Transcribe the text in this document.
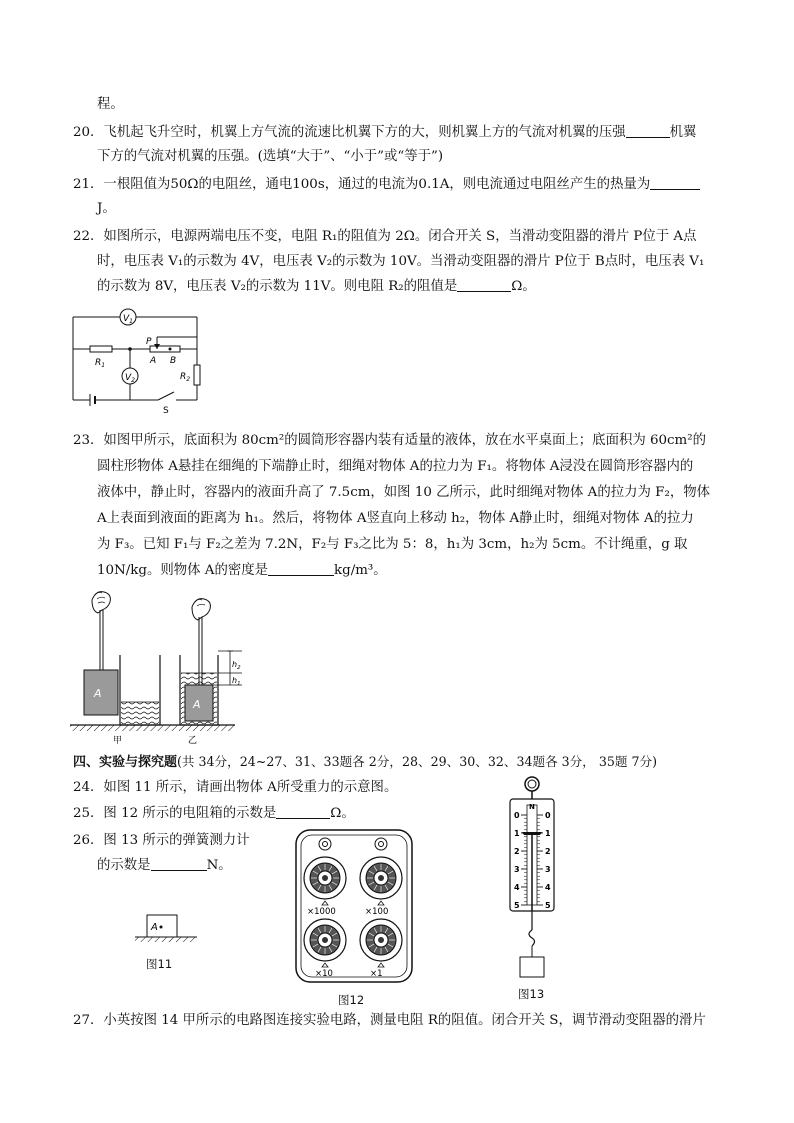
程。
20．飞机起飞升空时，机翼上方气流的流速比机翼下方的大，则机翼上方的气流对机翼的压强	机翼
下方的气流对机翼的压强。(选填“大于”、“小于”或“等于”)
21．一根阻值为50Ω的电阻丝，通电100s，通过的电流为0.1A，则电流通过电阻丝产生的热量为
J。
22．如图所示，电源两端电压不变，电阻 R₁的阻值为 2Ω。闭合开关 S，当滑动变阻器的滑片 P位于 A点
时，电压表 V₁的示数为 4V，电压表 V₂的示数为 10V。当滑动变阻器的滑片 P位于 B点时，电压表 V₁
的示数为 8V，电压表 V₂的示数为 11V。则电阻 R₂的阻值是	Ω。
$V_1$
$V_2$
$R_1$
$R_2$
P
A B
S
23．如图甲所示，底面积为 80cm²的圆筒形容器内装有适量的液体，放在水平桌面上；底面积为 60cm²的
圆柱形物体 A悬挂在细绳的下端静止时，细绳对物体 A的拉力为 F₁。将物体 A浸没在圆筒形容器内的
液体中，静止时，容器内的液面升高了 7.5cm，如图 10 乙所示，此时细绳对物体 A的拉力为 F₂，物体
A上表面到液面的距离为 h₁。然后，将物体 A竖直向上移动 h₂，物体 A静止时，细绳对物体 A的拉力
为 F₃。已知 F₁与 F₂之差为 7.2N，F₂与 F₃之比为 5：8，h₁为 3cm，h₂为 5cm。不计绳重，g 取
10N/kg。则物体 A的密度是	kg/m³。
A
A
$h_2$
$h_1$
甲	乙
四、实验与探究题(共 34分，24~27、31、33题各 2分，28、29、30、32、34题各 3分， 35题 7分)
24．如图 11 所示，请画出物体 A所受重力的示意图。
25．图 12 所示的电阻箱的示数是	Ω。
26．图 13 所示的弹簧测力计
的示数是	N。
A
图11
×1000	×100
×10	×1
图12
N
0	0
1	1
2	2
3	3
4	4
5	5
图13
27．小英按图 14 甲所示的电路图连接实验电路，测量电阻 R的阻值。闭合开关 S，调节滑动变阻器的滑片
